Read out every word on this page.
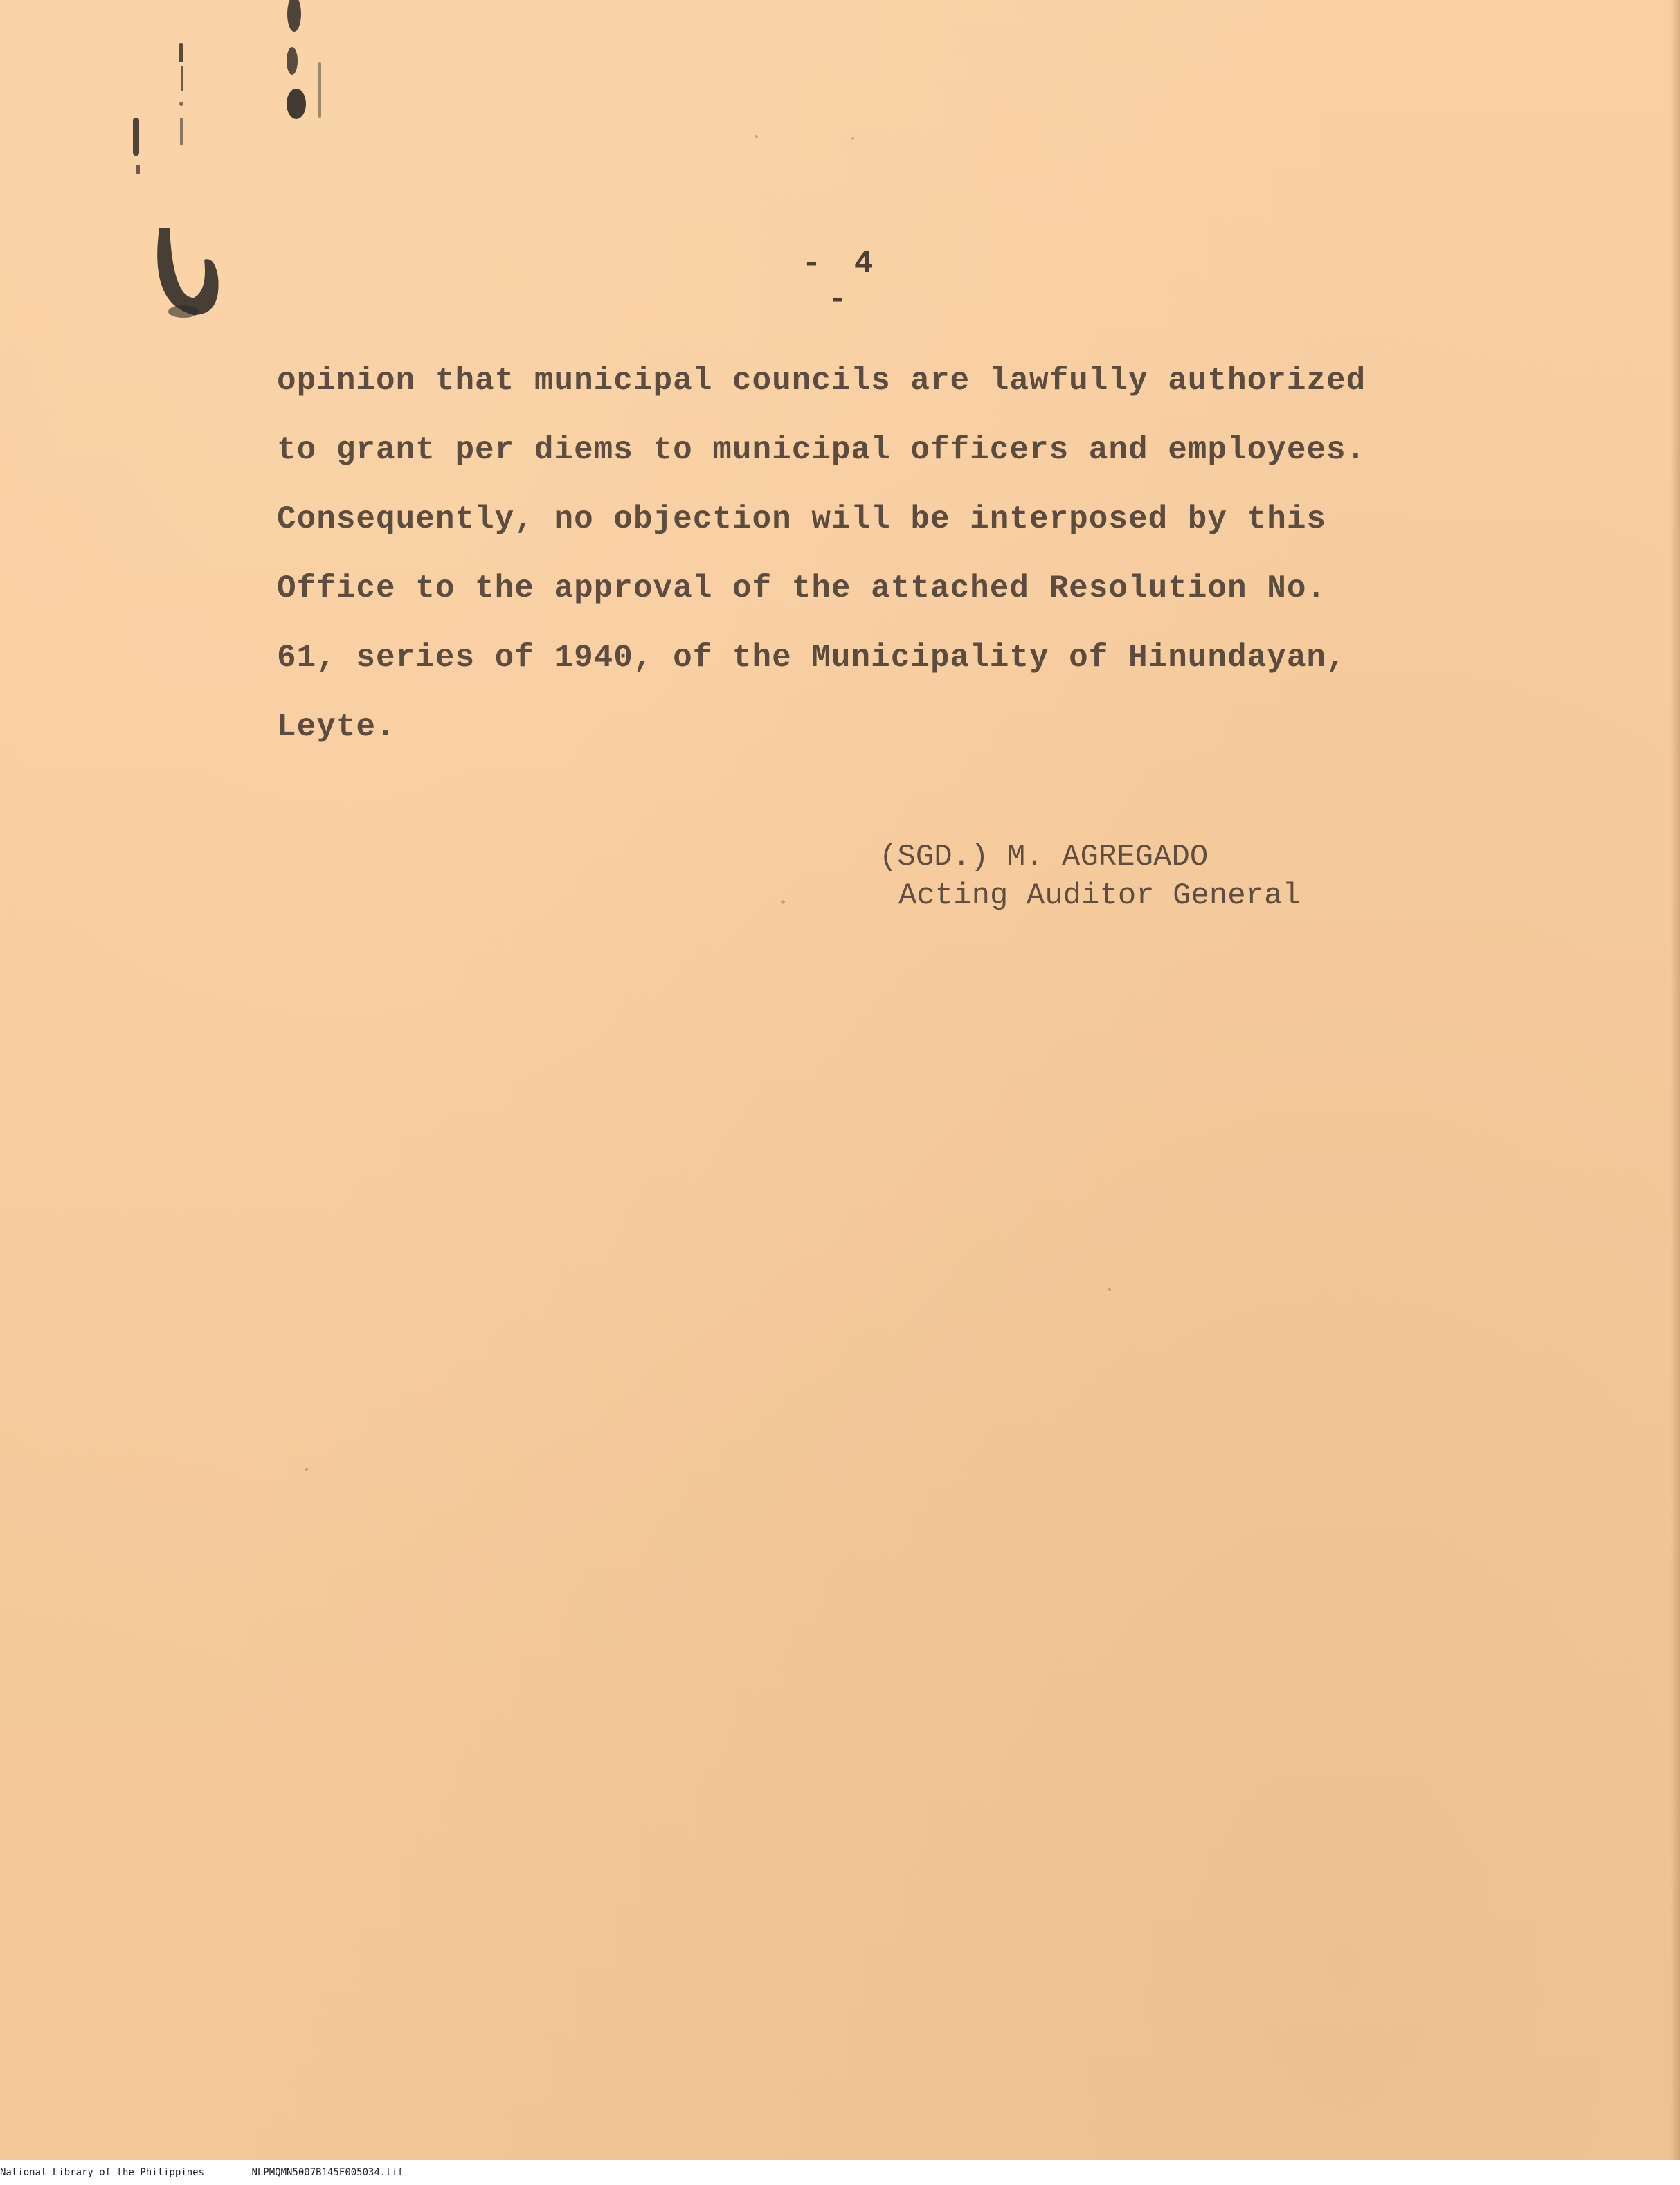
- 4 -
opinion that municipal councils are lawfully authorized
to grant per diems to municipal officers and employees.
Consequently, no objection will be interposed by this
Office to the approval of the attached Resolution No.
61, series of 1940, of the Municipality of Hinundayan,
Leyte.
(SGD.) M. AGREGADO
Acting Auditor General
National Library of the Philippines	NLPMQMN5007B145F005034.tif
